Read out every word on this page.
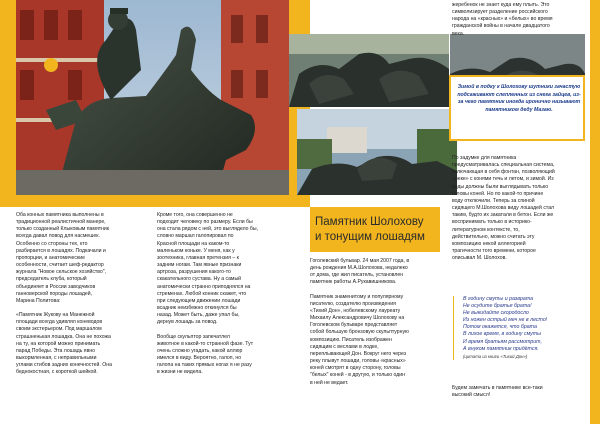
Оба конных памятника выполнены в
традиционной реалистичной манере,
только созданный Клыковым памятник
всегда давал повод для насмешек.
Особенно со стороны тех, кто
разбирается в лошадях. Подкачали и
пропорции, и анатомические
особенности, считает шеф-редактор
журнала "Новое сельское хозяйство",
председатель клуба, который
объединяет в России заводчиков
ганноверской породы лошадей,
Марина Политова:
«Памятник Жукову на Манежной
площади всегда удивлял коневодов
своим экстерьером. Под маршалом
страшненькая лошадка. Она не похожа
на ту, на которой можно принимать
парад Победы. Эта лошадь явно
выкормленная, с неправильными
углами стибов задних конечностей. Она
беднокостная, с короткой шейкой.
Кроме того, она совершенно не
подходит человеку по размеру. Если бы
она стала рядом с ней, это выглядело бы,
словно маршал галопировал по
Красной площади на каком-то
маленьком коньке. У меня, как у
зоотехника, главная претензия – к
задним ногам. Там явные признаки
артроза, разрушения какого-то
скакательного сустава. Ну а самый
анатомически странно приподнялся на
стременах. Любой конник скажет, что
при следующем движении лошади
всадник неизбежно откинулся бы
назад. Может быть, даже упал бы,
дернув лошадь за повод.
Вообще скульптор запечатлел
животное в какой-то странной фазе. Тут
очень сложно угадать, какой аллюр
имелся в виду. Вероятно, галоп, но
галопа на таких прямых ногах я не разу
в жизни не видела.
Памятник Шолохову
и тонущим лошадям
Гоголевский бульвар. 24 мая 2007 года, в
день рождения М.А.Шолохова, недалеко
от дома, где жил писатель, установлен
памятник работы А.Рукавишникова.
Памятник знаменитому и популярному
писателю, создателю произведения
«Тихий Дон», нобелевскому лауреату
Михаилу Александровичу Шолохову на
Гоголевском бульваре представляет
собой большую бронзовую скульптурную
композицию. Писатель изображен
сидящим с веслами в лодке,
переплывающей Дон. Вокруг него через
реку плывут лошади, головы «красных»
коней смотрят в одну сторону, головы
"белых" коней - в другую, и только один
в ней не ведает.
жеребенок не знает куда ему плыть. Это
символизирует разделение российского
народа на «красных» и «белых» во время
гражданской войны в начале двадцатого
века.
Зимой в подку к Шолохову шутники зачастую подсаживают слепленных из снега зайцев, из-за чего памятник иногда иронично называют памятником деду Мазаю.
По задумке для памятника
предусматривалась специальная система,
включающая в себя фонтан, позволяющий
«реке» с конями течь и летом, и зимой. Из
воды должны были выглядывать только
головы коней. Но по какой-то причине
воду отключили. Теперь за спиной
сидящего М.Шолохова виду лошадей стал
таким, будто их закатали в бетон. Если же
воспринимать только в историко-
литературном контексте, то,
действительно, можно считать эту
композицию некой аллегорией
трагичности того времени, которое
описывал М. Шолохов.
В годину смуты и разврата
Не осудите братья брата!
Не выкидайте скородосло
Из ножен острый меч не в лесто!
Потом окажется, что брата
В лихое время, в годину смуты
И время братьям рассмотрит,
А внуком памятник придётся.
(цитата из книги «Тихий Дон»)
Будем замечать в памятнике все-таки
высокий смысл!
